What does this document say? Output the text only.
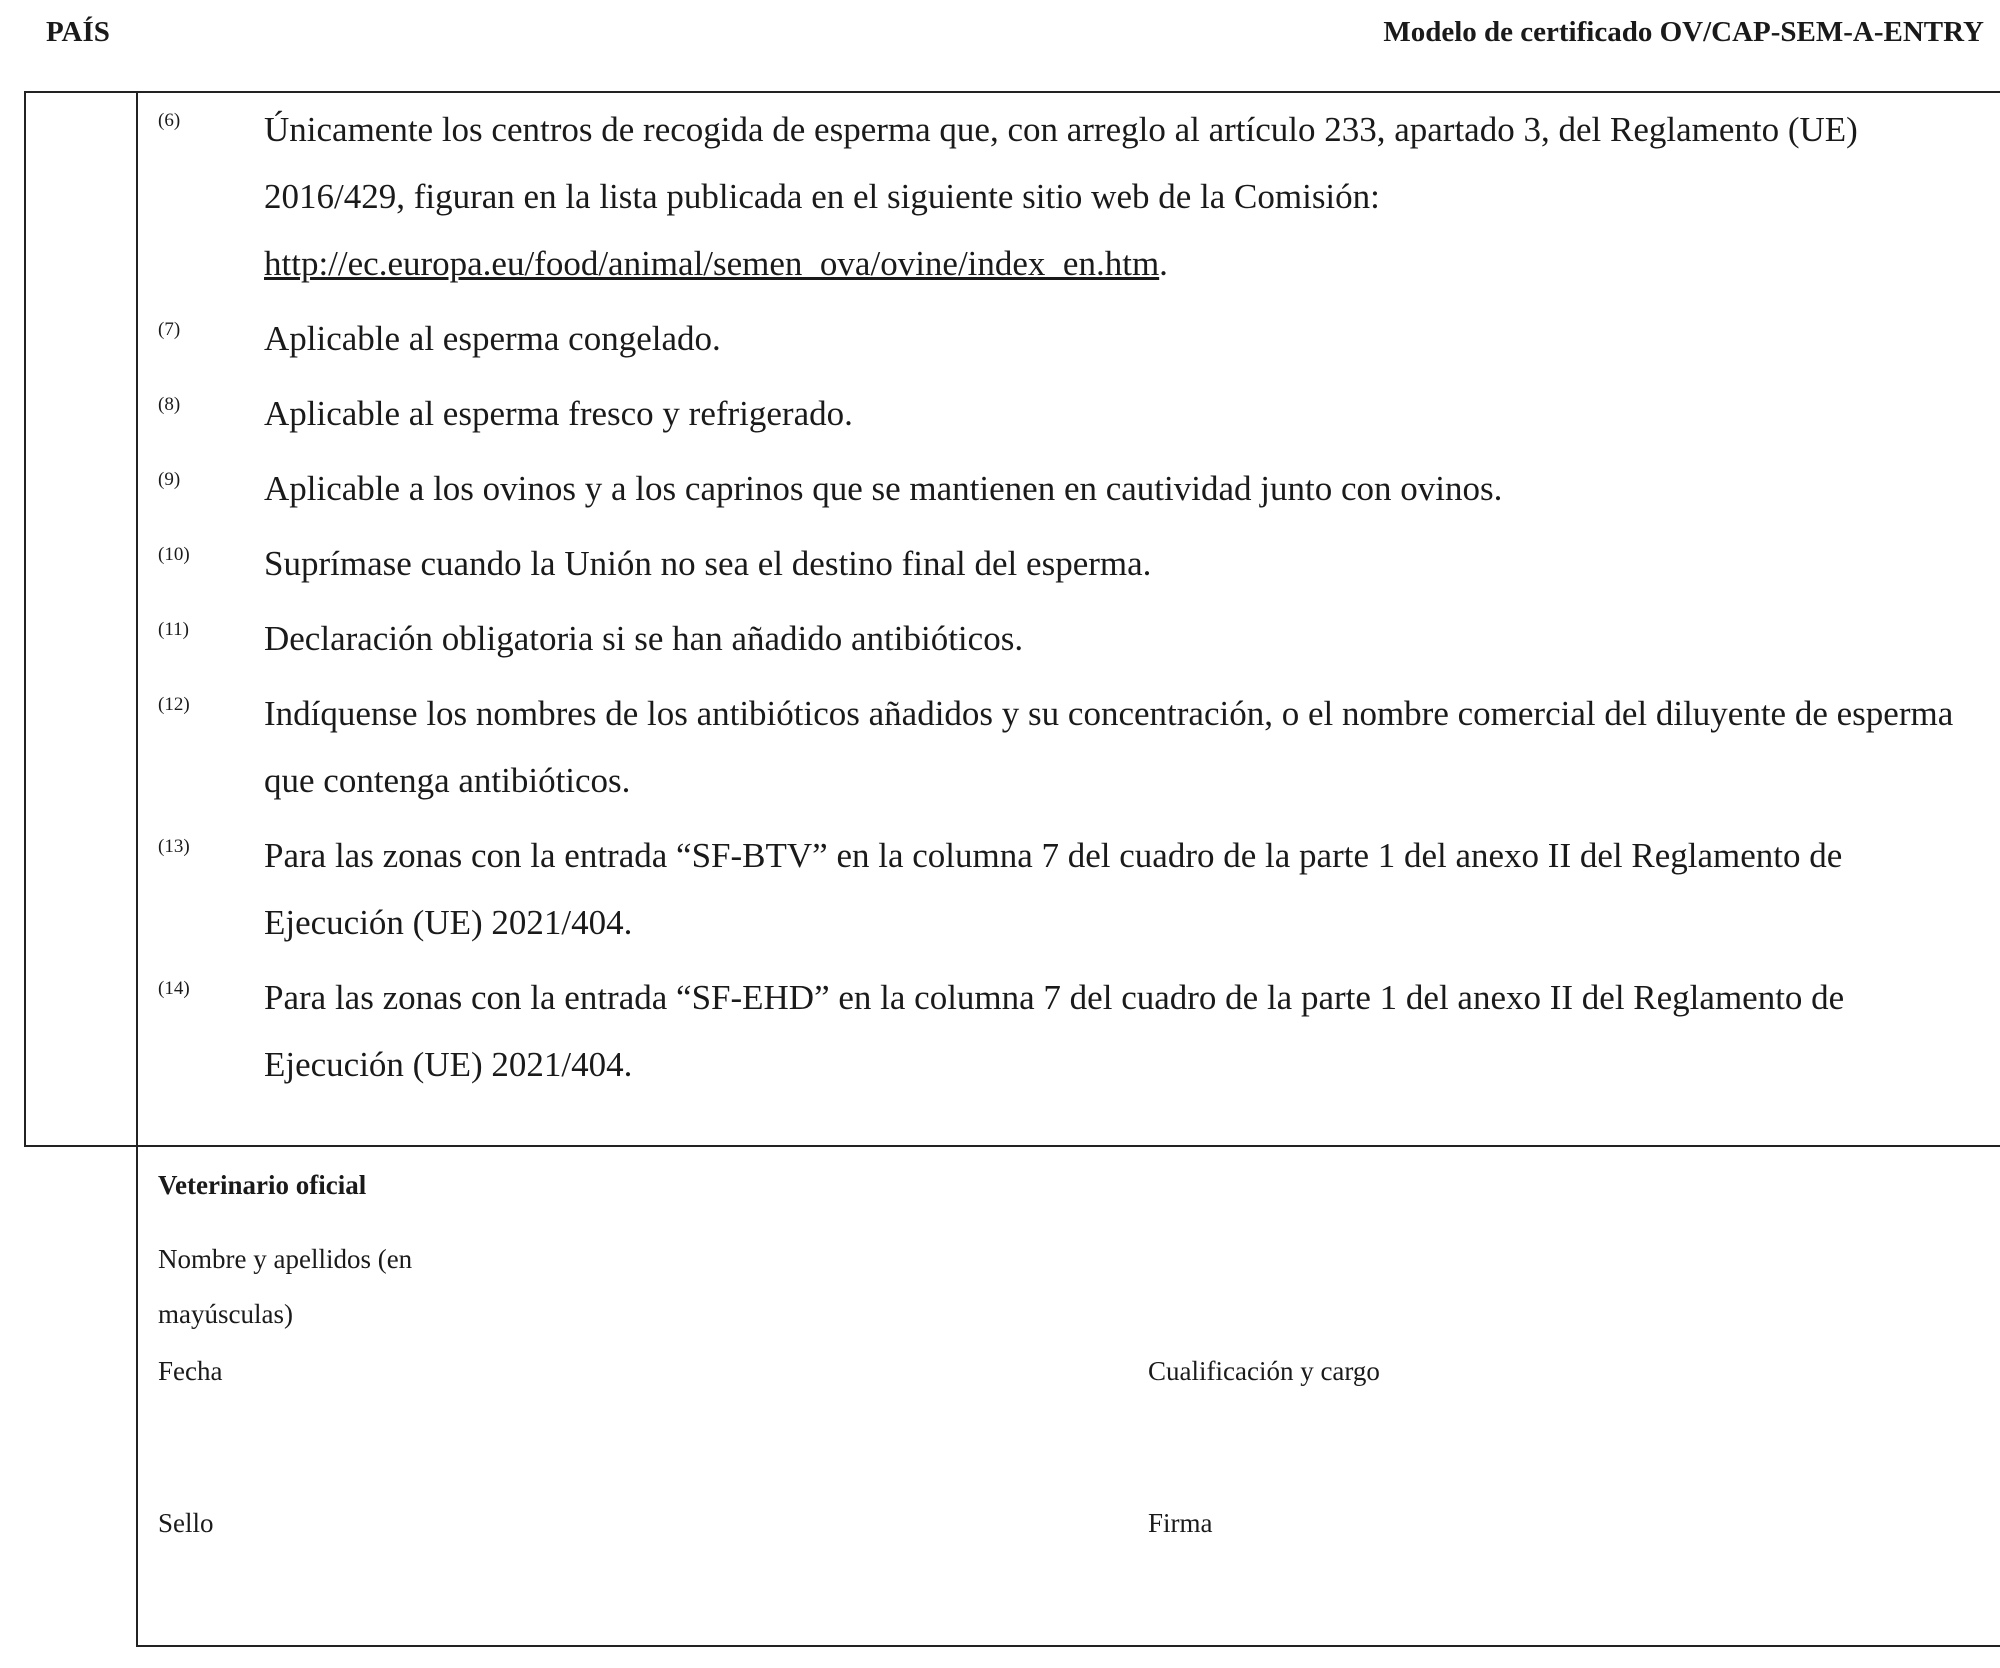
PAÍS	Modelo de certificado OV/CAP-SEM-A-ENTRY
(6)	Únicamente los centros de recogida de esperma que, con arreglo al artículo 233, apartado 3, del Reglamento (UE) 2016/429, figuran en la lista publicada en el siguiente sitio web de la Comisión:
http://ec.europa.eu/food/animal/semen_ova/ovine/index_en.htm.
(7)	Aplicable al esperma congelado.
(8)	Aplicable al esperma fresco y refrigerado.
(9)	Aplicable a los ovinos y a los caprinos que se mantienen en cautividad junto con ovinos.
(10)	Suprímase cuando la Unión no sea el destino final del esperma.
(11)	Declaración obligatoria si se han añadido antibióticos.
(12)	Indíquense los nombres de los antibióticos añadidos y su concentración, o el nombre comercial del diluyente de esperma que contenga antibióticos.
(13)	Para las zonas con la entrada “SF-BTV” en la columna 7 del cuadro de la parte 1 del anexo II del Reglamento de Ejecución (UE) 2021/404.
(14)	Para las zonas con la entrada “SF-EHD” en la columna 7 del cuadro de la parte 1 del anexo II del Reglamento de Ejecución (UE) 2021/404.
Veterinario oficial
Nombre y apellidos (en mayúsculas)
Fecha	Cualificación y cargo
Sello	Firma
